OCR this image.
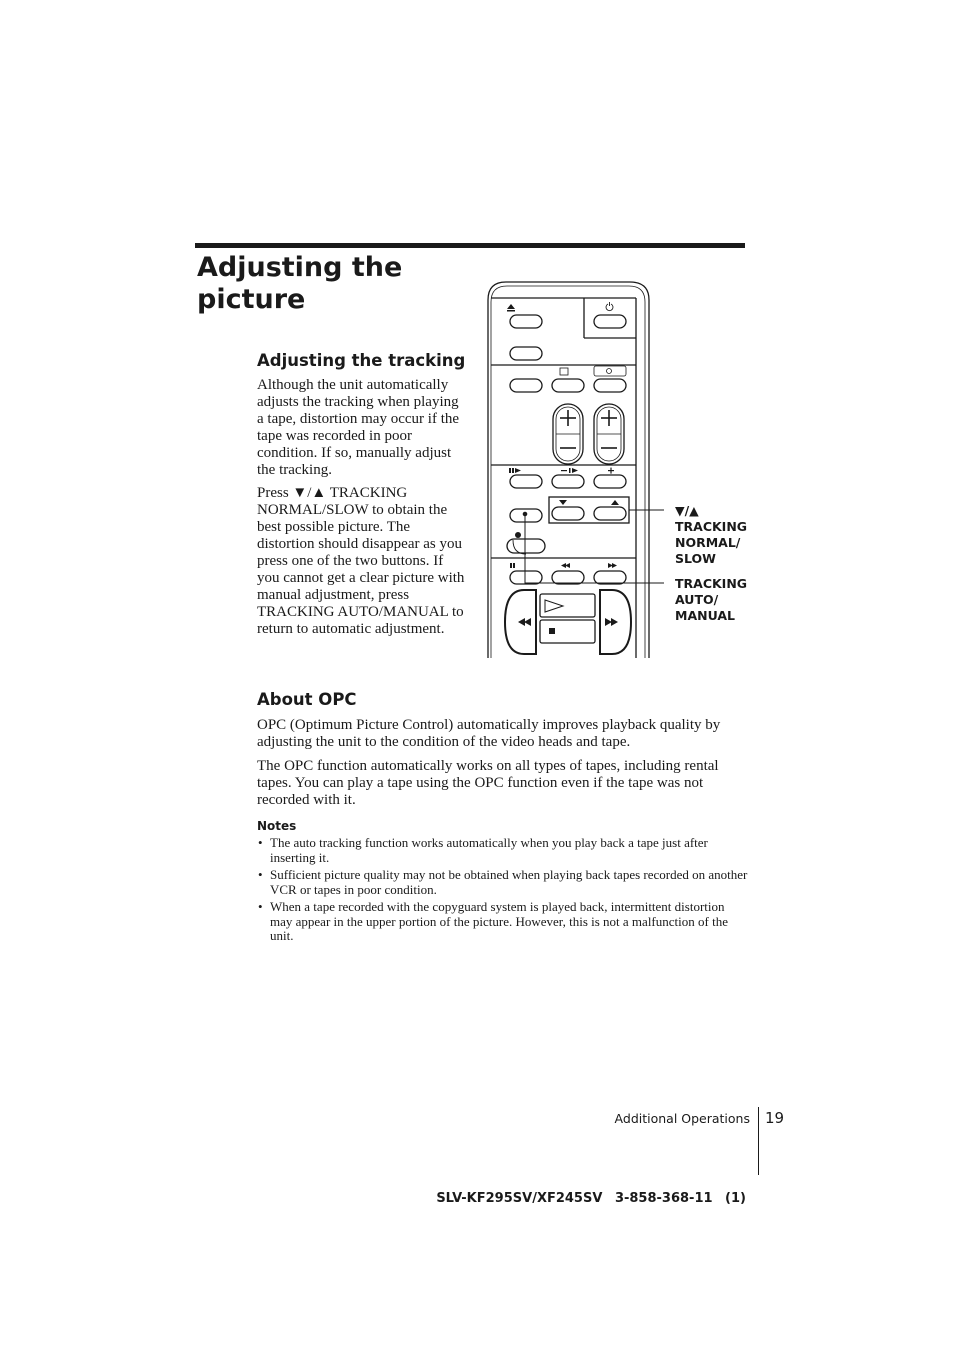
Adjusting the picture
Adjusting the tracking

Although the unit automatically adjusts the tracking when playing a tape, distortion may occur if the tape was recorded in poor condition. If so, manually adjust the tracking.

Press ▼/▲ TRACKING NORMAL/SLOW to obtain the best possible picture. The distortion should disappear as you press one of the two buttons. If you cannot get a clear picture with manual adjustment, press TRACKING AUTO/MANUAL to return to automatic adjustment.

▼/▲
TRACKING
NORMAL/
SLOW
TRACKING
AUTO/
MANUAL
About OPC

OPC (Optimum Picture Control) automatically improves playback quality by adjusting the unit to the condition of the video heads and tape.

The OPC function automatically works on all types of tapes, including rental tapes. You can play a tape using the OPC function even if the tape was not recorded with it.

Notes
• The auto tracking function works automatically when you play back a tape just after inserting it.
• Sufficient picture quality may not be obtained when playing back tapes recorded on another VCR or tapes in poor condition.
• When a tape recorded with the copyguard system is played back, intermittent distortion may appear in the upper portion of the picture. However, this is not a malfunction of the unit.
Additional Operations 19
SLV-KF295SV/XF245SV 3-858-368-11 (1)
